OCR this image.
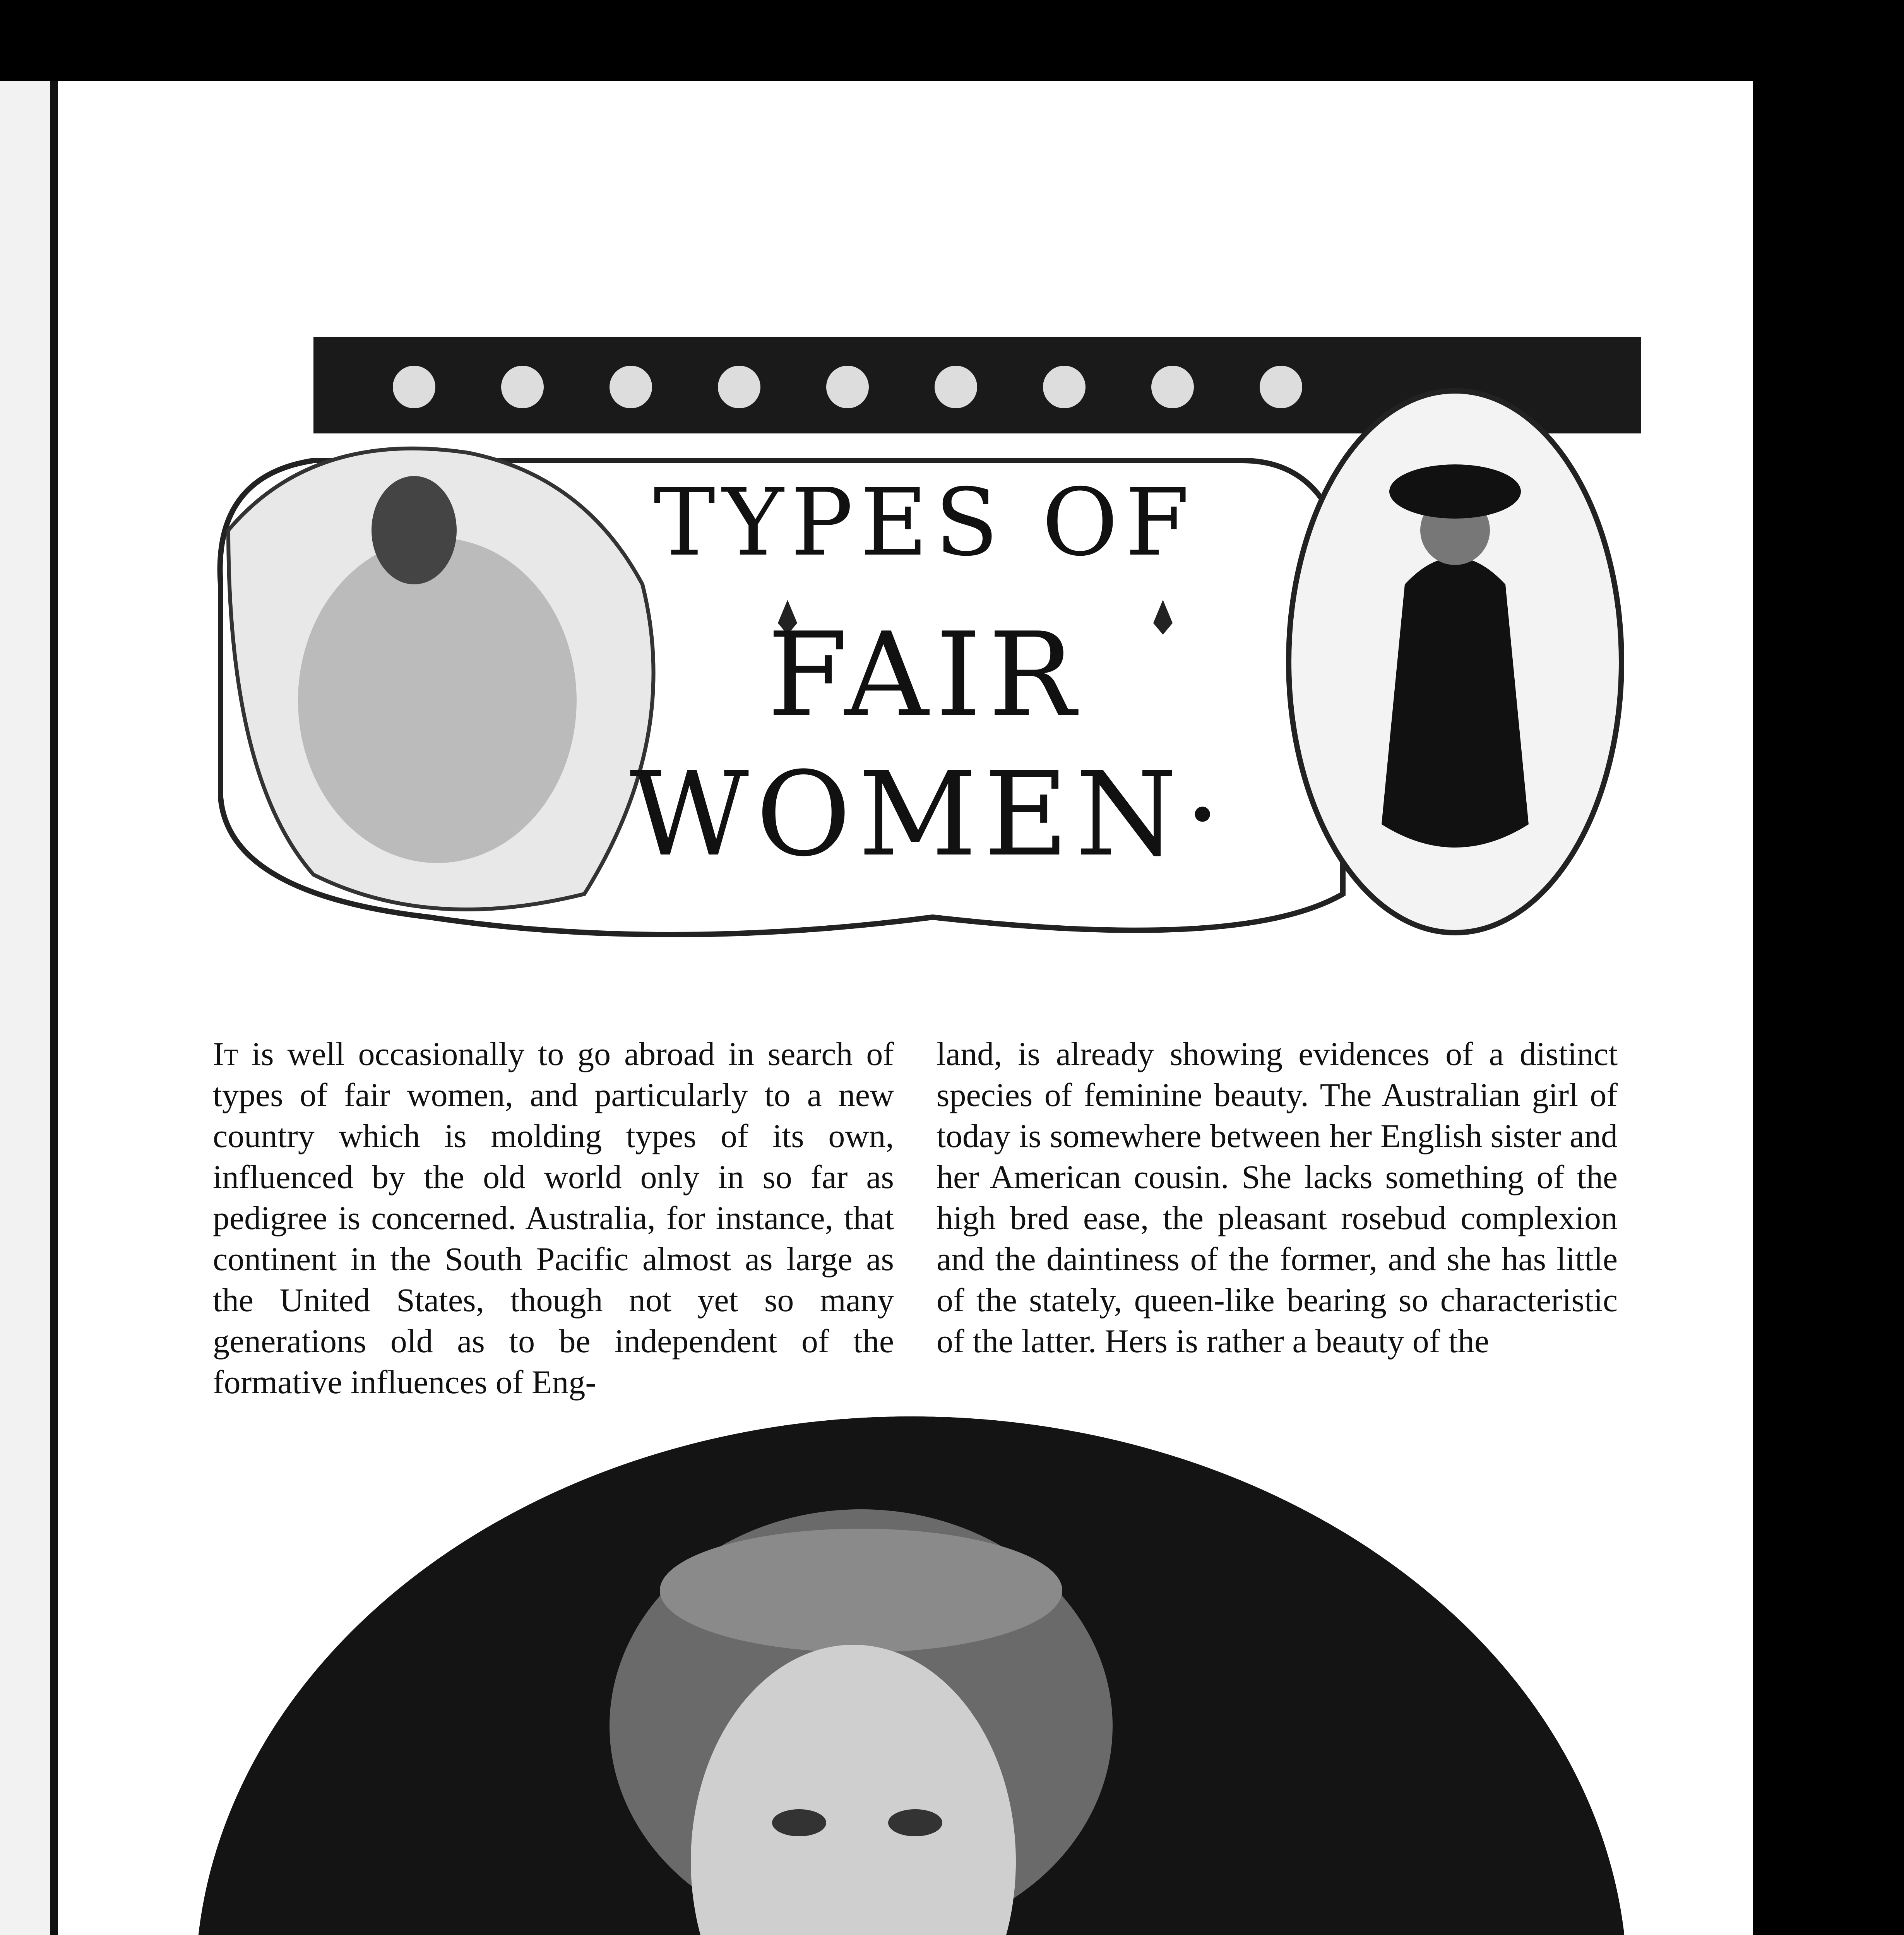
TYPES OF
FAIR
WOMEN·
It is well occasionally to go abroad in search of types of fair women, and particularly to a new country which is molding types of its own, influenced by the old world only in so far as pedigree is concerned. Australia, for instance, that continent in the South Pacific almost as large as the United States, though not yet so many generations old as to be independent of the formative influences of Eng-
land, is already showing evidences of a distinct species of feminine beauty. The Australian girl of today is somewhere between her English sister and her American cousin. She lacks something of the high bred ease, the pleasant rosebud complexion and the daintiness of the former, and she has little of the stately, queen-like bearing so characteristic of the latter. Hers is rather a beauty of the
